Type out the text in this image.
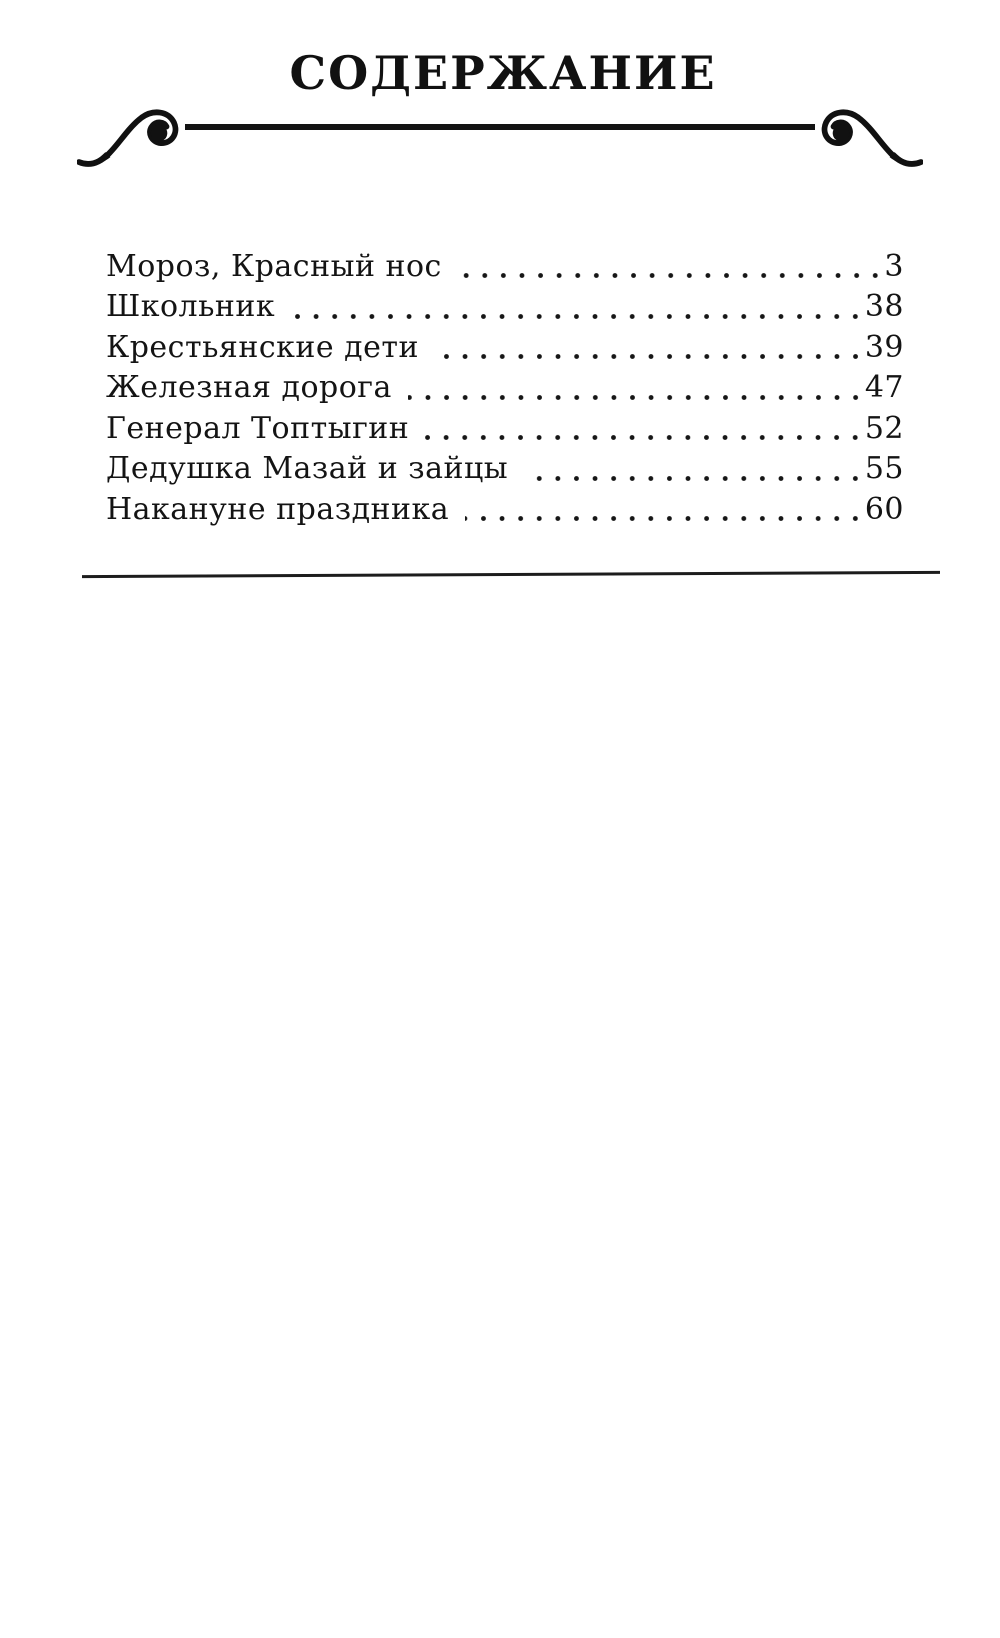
СОДЕРЖАНИЕ
Мороз, Красный нос	3
Школьник	38
Крестьянские дети	39
Железная дорога	47
Генерал Топтыгин	52
Дедушка Мазай и зайцы	55
Накануне праздника	60
